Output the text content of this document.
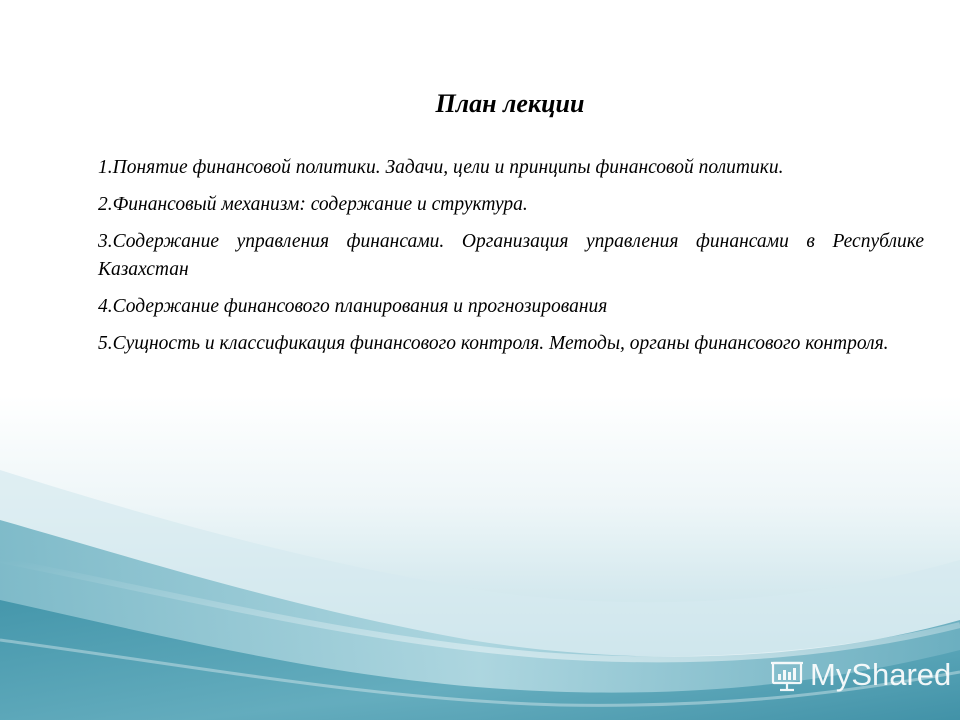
План лекции

1.Понятие финансовой политики. Задачи, цели и принципы финансовой политики.

2.Финансовый механизм: содержание и структура.

3.Содержание управления финансами. Организация управления финансами в Республике Казахстан

4.Содержание финансового планирования и прогнозирования

5.Сущность и классификация финансового контроля. Методы, органы финансового контроля.

MyShared
